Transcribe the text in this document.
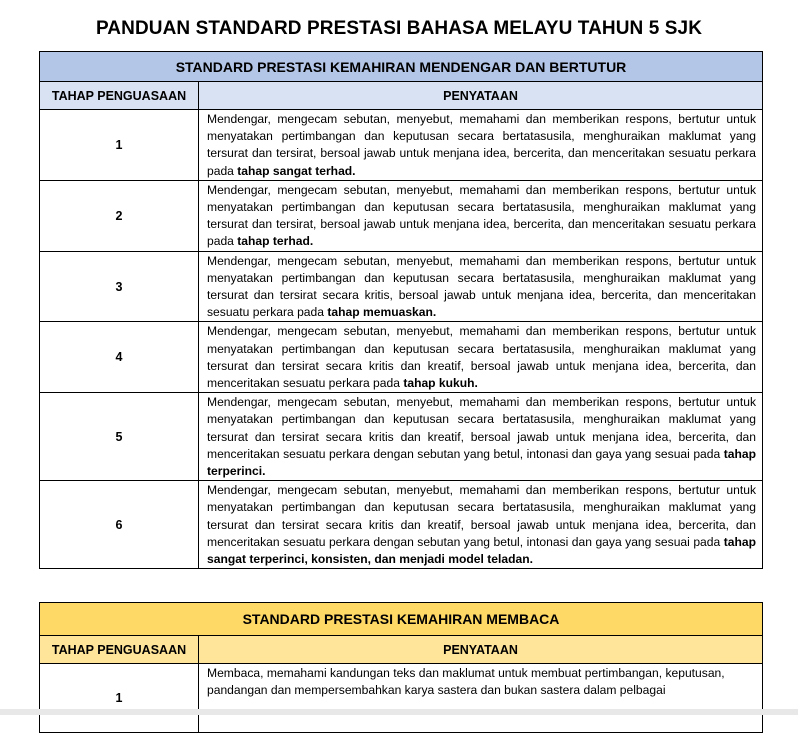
PANDUAN STANDARD PRESTASI BAHASA MELAYU TAHUN 5 SJK
STANDARD PRESTASI KEMAHIRAN MENDENGAR DAN BERTUTUR	
TAHAP PENGUASAAN	PENYATAAN
1	Mendengar, mengecam sebutan, menyebut, memahami dan memberikan respons, bertutur untuk menyatakan pertimbangan dan keputusan secara bertatasusila, menghuraikan maklumat yang tersurat dan tersirat, bersoal jawab untuk menjana idea, bercerita, dan menceritakan sesuatu perkara pada tahap sangat terhad.
2	Mendengar, mengecam sebutan, menyebut, memahami dan memberikan respons, bertutur untuk menyatakan pertimbangan dan keputusan secara bertatasusila, menghuraikan maklumat yang tersurat dan tersirat, bersoal jawab untuk menjana idea, bercerita, dan menceritakan sesuatu perkara pada tahap terhad.
3	Mendengar, mengecam sebutan, menyebut, memahami dan memberikan respons, bertutur untuk menyatakan pertimbangan dan keputusan secara bertatasusila, menghuraikan maklumat yang tersurat dan tersirat secara kritis, bersoal jawab untuk menjana idea, bercerita, dan menceritakan sesuatu perkara pada tahap memuaskan.
4	Mendengar, mengecam sebutan, menyebut, memahami dan memberikan respons, bertutur untuk menyatakan pertimbangan dan keputusan secara bertatasusila, menghuraikan maklumat yang tersurat dan tersirat secara kritis dan kreatif, bersoal jawab untuk menjana idea, bercerita, dan menceritakan sesuatu perkara pada tahap kukuh.
5	Mendengar, mengecam sebutan, menyebut, memahami dan memberikan respons, bertutur untuk menyatakan pertimbangan dan keputusan secara bertatasusila, menghuraikan maklumat yang tersurat dan tersirat secara kritis dan kreatif, bersoal jawab untuk menjana idea, bercerita, dan menceritakan sesuatu perkara dengan sebutan yang betul, intonasi dan gaya yang sesuai pada tahap terperinci.
6	Mendengar, mengecam sebutan, menyebut, memahami dan memberikan respons, bertutur untuk menyatakan pertimbangan dan keputusan secara bertatasusila, menghuraikan maklumat yang tersurat dan tersirat secara kritis dan kreatif, bersoal jawab untuk menjana idea, bercerita, dan menceritakan sesuatu perkara dengan sebutan yang betul, intonasi dan gaya yang sesuai pada tahap sangat terperinci, konsisten, dan menjadi model teladan.
STANDARD PRESTASI KEMAHIRAN MEMBACA	
TAHAP PENGUASAAN	PENYATAAN
1	Membaca, memahami kandungan teks dan maklumat untuk membuat pertimbangan, keputusan, pandangan dan mempersembahkan karya sastera dan bukan sastera dalam pelbagai
